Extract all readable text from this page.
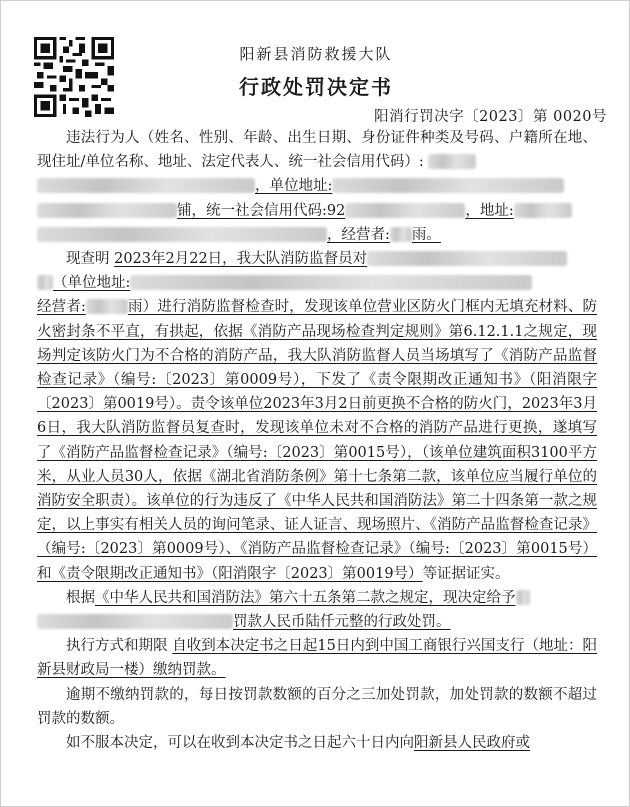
阳新县消防救援大队
行政处罚决定书
阳消行罚决字〔2023〕第 0020号

违法行为人（姓名、性别、年龄、出生日期、身份证件种类及号码、户籍所在地、现住址/单位名称、地址、法定代表人、统一社会信用代码）:
，单位地址:
铺，统一社会信用代码:92	，地址:
，经营者: 雨。

现查明 2023年2月22日，我大队消防监督员对
（单位地址:
经营者:	雨）进行消防监督检查时，发现该单位营业区防火门框内无填充材料、防火密封条不平直，有拱起，依据《消防产品现场检查判定规则》第6.12.1.1之规定，现场判定该防火门为不合格的消防产品，我大队消防监督人员当场填写了《消防产品监督检查记录》（编号:〔2023〕第0009号），下发了《责令限期改正通知书》（阳消限字〔2023〕第0019号）。责令该单位2023年3月2日前更换不合格的防火门，2023年3月6日，我大队消防监督员复查时，发现该单位未对不合格的消防产品进行更换，遂填写了《消防产品监督检查记录》（编号:〔2023〕第0015号），（该单位建筑面积3100平方米，从业人员30人，依据《湖北省消防条例》第十七条第二款，该单位应当履行单位的消防安全职责）。该单位的行为违反了《中华人民共和国消防法》第二十四条第一款之规定，以上事实有相关人员的询问笔录、证人证言、现场照片、《消防产品监督检查记录》（编号:〔2023〕第0009号）、《消防产品监督检查记录》（编号:〔2023〕第0015号）和《责令限期改正通知书》（阳消限字〔2023〕第0019号）等证据证实。

根据《中华人民共和国消防法》第六十五条第二款之规定，现决定给予
罚款人民币陆仟元整的行政处罚。

执行方式和期限 自收到本决定书之日起15日内到中国工商银行兴国支行（地址：阳新县财政局一楼）缴纳罚款。

逾期不缴纳罚款的，每日按罚款数额的百分之三加处罚款，加处罚款的数额不超过罚款的数额。

如不服本决定，可以在收到本决定书之日起六十日内向阳新县人民政府或
